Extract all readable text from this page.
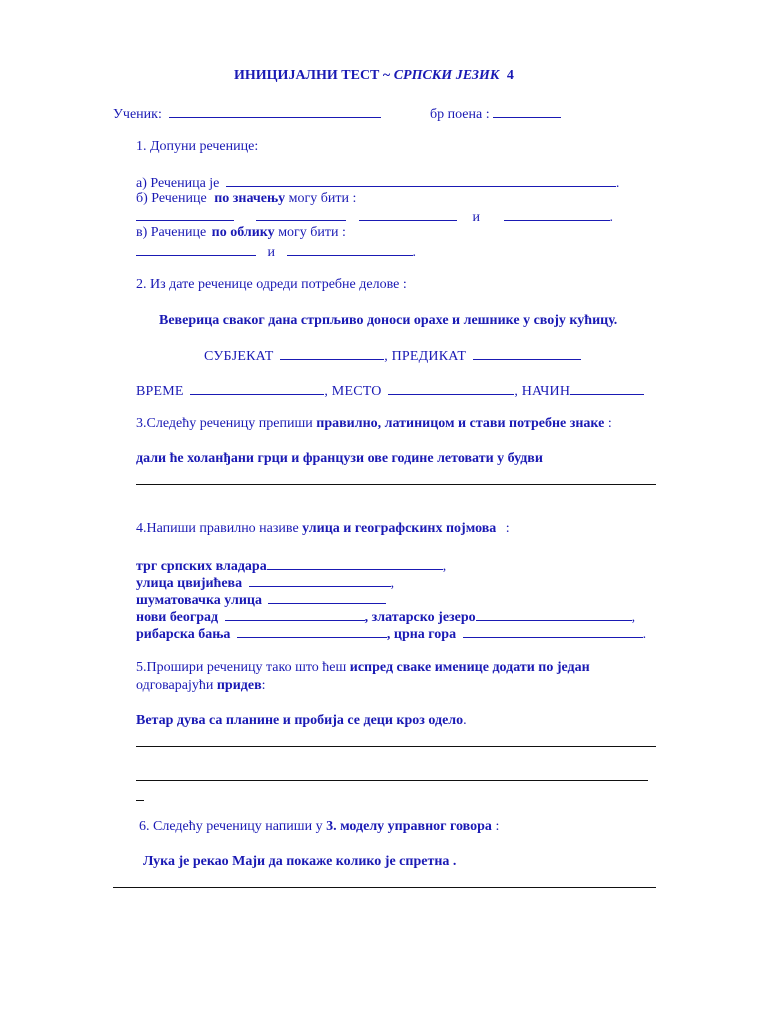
ИНИЦИЈАЛНИ ТЕСТ ~ СРПСКИ ЈЕЗИК 4
Ученик:	бр поена :
1. Допуни реченице:
а) Реченица је	.
б) Реченице по значењу могу бити :
и	.
в) Раченице по облику могу бити :
и	.
2. Из дате реченице одреди потребне делове :
Веверица сваког дана стрпљиво доноси орахе и лешнике у своју кућицу.
СУБЈЕКАТ	, ПРЕДИКАТ
ВРЕМЕ	, МЕСТО	, НАЧИН
3.Следећу реченицу препиши правилно, латиницом и стави потребне знаке :
дали ће холанђани грци и французи ове године летовати у будви
4.Напиши правилно називе улица и географскинх појмова :
трг српских владара	,
улица цвијићева	,
шуматовачка улица
нови београд	, златарско језеро	,
рибарска бања	, црна гора	.
5.Прошири реченицу тако што ћеш испред сваке именице додати по један
одговарајући придев:
Ветар дува са планине и пробија се деци кроз одело.
6. Следећу реченицу напиши у 3. моделу управног говора :
Лука је рекао Маји да покаже колико је спретна .
